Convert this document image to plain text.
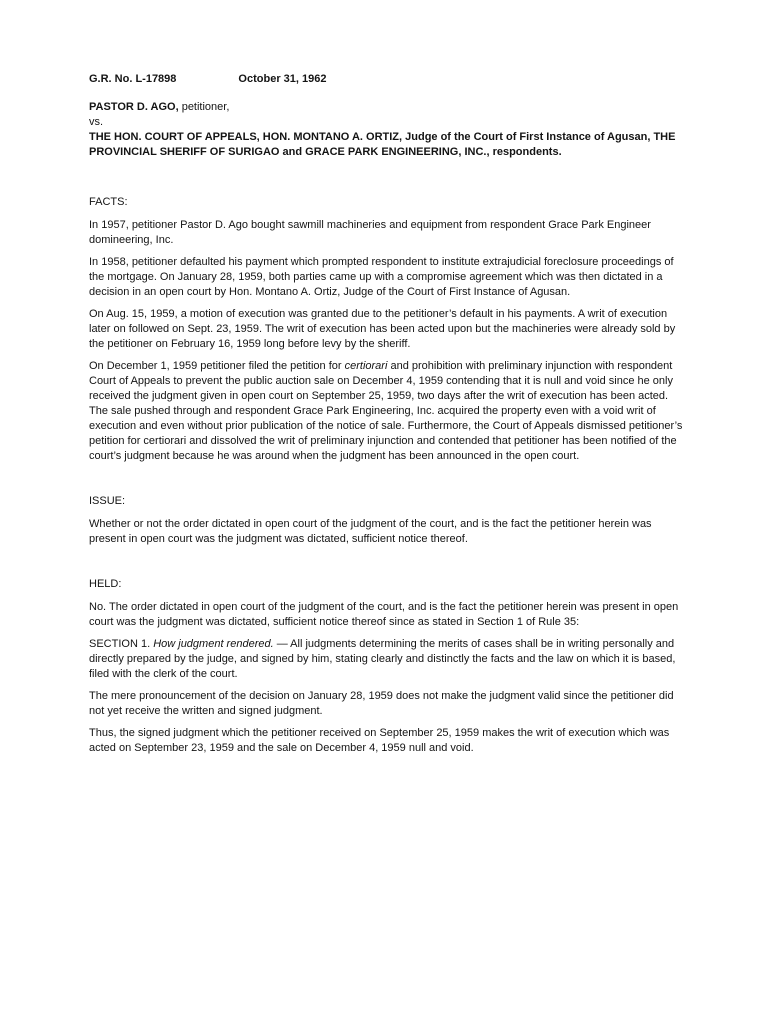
G.R. No. L-17898	October 31, 1962

PASTOR D. AGO, petitioner,

vs.

THE HON. COURT OF APPEALS, HON. MONTANO A. ORTIZ, Judge of the Court of First Instance of Agusan, THE PROVINCIAL SHERIFF OF SURIGAO and GRACE PARK ENGINEERING, INC., respondents.

FACTS:

In 1957, petitioner Pastor D. Ago bought sawmill machineries and equipment from respondent Grace Park Engineer domineering, Inc.

In 1958, petitioner defaulted his payment which prompted respondent to institute extrajudicial foreclosure proceedings of the mortgage. On January 28, 1959, both parties came up with a compromise agreement which was then dictated in a decision in an open court by Hon. Montano A. Ortiz, Judge of the Court of First Instance of Agusan.

On Aug. 15, 1959, a motion of execution was granted due to the petitioner’s default in his payments. A writ of execution later on followed on Sept. 23, 1959. The writ of execution has been acted upon but the machineries were already sold by the petitioner on February 16, 1959 long before levy by the sheriff.

On December 1, 1959 petitioner filed the petition for certiorari and prohibition with preliminary injunction with respondent Court of Appeals to prevent the public auction sale on December 4, 1959 contending that it is null and void since he only received the judgment given in open court on September 25, 1959, two days after the writ of execution has been acted. The sale pushed through and respondent Grace Park Engineering, Inc. acquired the property even with a void writ of execution and even without prior publication of the notice of sale. Furthermore, the Court of Appeals dismissed petitioner’s petition for certiorari and dissolved the writ of preliminary injunction and contended that petitioner has been notified of the court’s judgment because he was around when the judgment has been announced in the open court.

ISSUE:

Whether or not the order dictated in open court of the judgment of the court, and is the fact the petitioner herein was present in open court was the judgment was dictated, sufficient notice thereof.

HELD:

No. The order dictated in open court of the judgment of the court, and is the fact the petitioner herein was present in open court was the judgment was dictated, sufficient notice thereof since as stated in Section 1 of Rule 35:

SECTION 1. How judgment rendered. — All judgments determining the merits of cases shall be in writing personally and directly prepared by the judge, and signed by him, stating clearly and distinctly the facts and the law on which it is based, filed with the clerk of the court.

The mere pronouncement of the decision on January 28, 1959 does not make the judgment valid since the petitioner did not yet receive the written and signed judgment.

Thus, the signed judgment which the petitioner received on September 25, 1959 makes the writ of execution which was acted on September 23, 1959 and the sale on December 4, 1959 null and void.
